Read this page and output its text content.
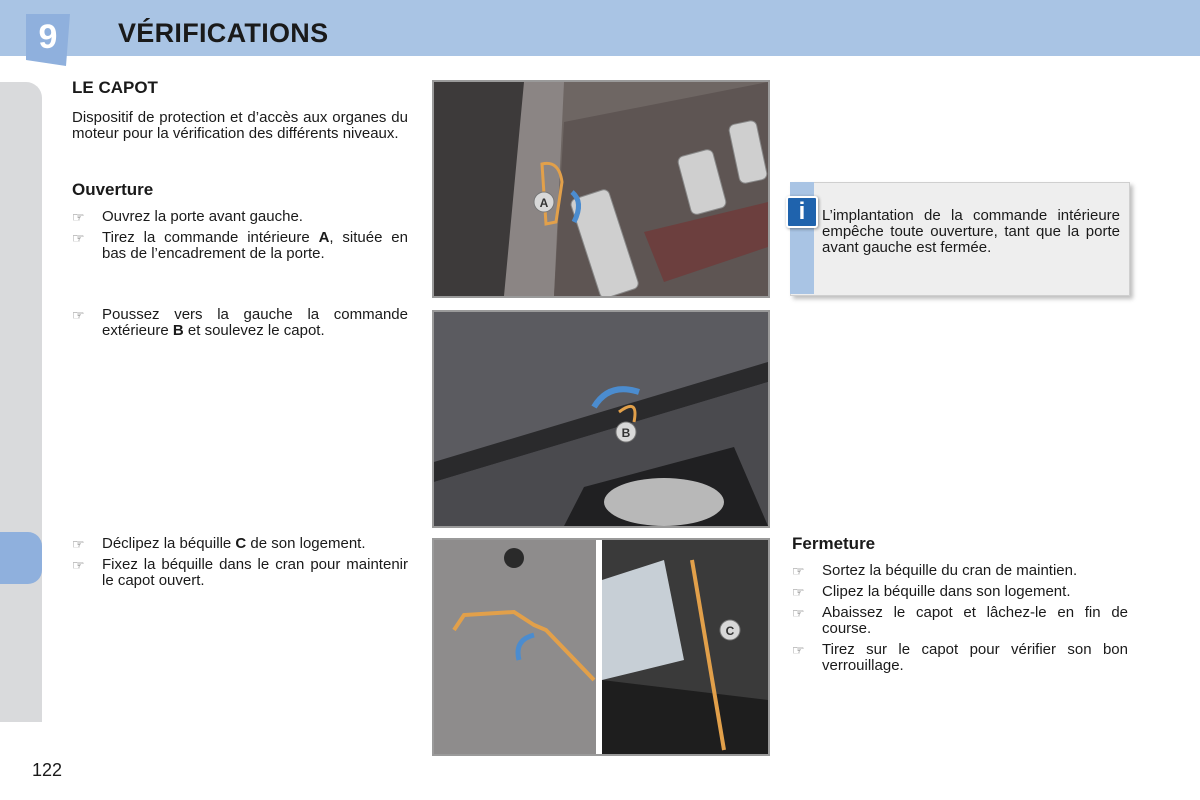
9	VÉRIFICATIONS
122
LE CAPOT

Dispositif de protection et d’accès aux organes du moteur pour la vérification des différents niveaux.

Ouverture
☞ Ouvrez la porte avant gauche.
☞ Tirez la commande intérieure A, située en bas de l’encadrement de la porte.
☞ Poussez vers la gauche la commande extérieure B et soulevez le capot.
☞ Déclipez la béquille C de son logement.
☞ Fixez la béquille dans le cran pour maintenir le capot ouvert.
A
B
C
i	L’implantation de la commande intérieure empêche toute ouverture, tant que la porte avant gauche est fermée.
Fermeture
☞ Sortez la béquille du cran de maintien.
☞ Clipez la béquille dans son logement.
☞ Abaissez le capot et lâchez-le en fin de course.
☞ Tirez sur le capot pour vérifier son bon verrouillage.
